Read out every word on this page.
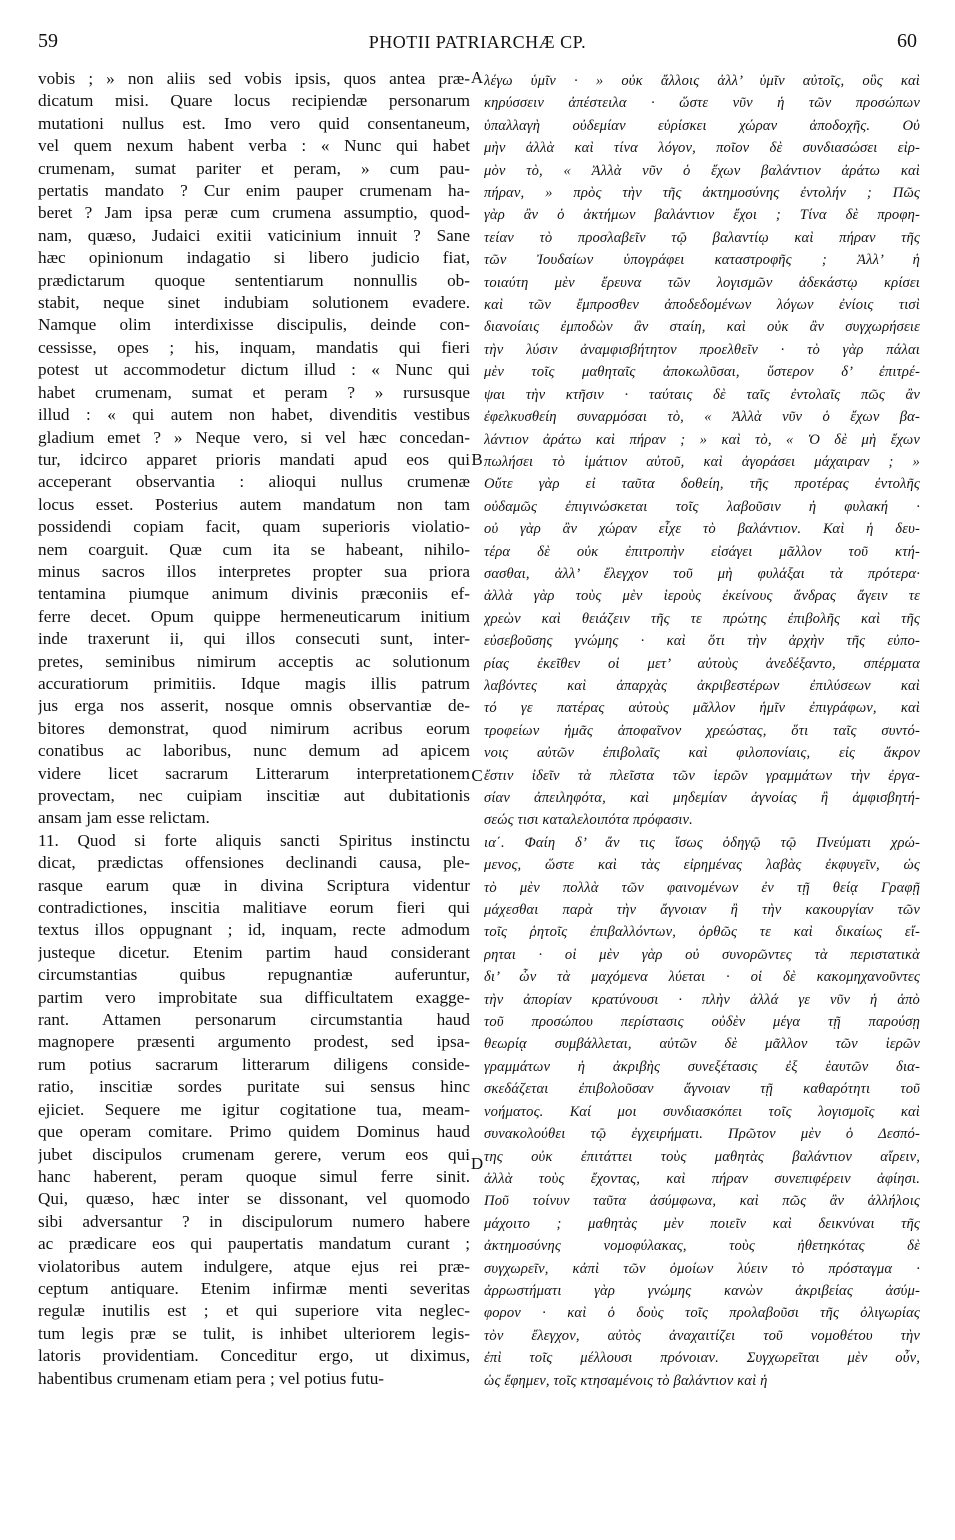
59	PHOTII PATRIARCHÆ CP.	60
vobis ; » non aliis sed vobis ipsis, quos antea præ-
dicatum misi. Quare locus recipiendæ personarum
mutationi nullus est. Imo vero quid consentaneum,
vel quem nexum habent verba : « Nunc qui habet
crumenam, sumat pariter et peram, » cum pau-
pertatis mandato ? Cur enim pauper crumenam ha-
beret ? Jam ipsa peræ cum crumena assumptio, quod-
nam, quæso, Judaici exitii vaticinium innuit ? Sane
hæc opinionum indagatio si libero judicio fiat,
prædictarum quoque sententiarum nonnullis ob-
stabit, neque sinet indubiam solutionem evadere.
Namque olim interdixisse discipulis, deinde con-
cessisse, opes ; his, inquam, mandatis qui fieri
potest ut accommodetur dictum illud : « Nunc qui
habet crumenam, sumat et peram ? » rursusque
illud : « qui autem non habet, divenditis vestibus
gladium emet ? » Neque vero, si vel hæc concedan-
tur, idcirco apparet prioris mandati apud eos qui
acceperant observantia : alioqui nullus crumenæ
locus esset. Posterius autem mandatum non tam
possidendi copiam facit, quam superioris violatio-
nem coarguit. Quæ cum ita se habeant, nihilo-
minus sacros illos interpretes propter sua priora
tentamina piumque animum divinis præconiis ef-
ferre decet. Opum quippe hermeneuticarum initium
inde traxerunt ii, qui illos consecuti sunt, inter-
pretes, seminibus nimirum acceptis ac solutionum
accuratiorum primitiis. Idque magis illis patrum
jus erga nos asserit, nosque omnis observantiæ de-
bitores demonstrat, quod nimirum acribus eorum
conatibus ac laboribus, nunc demum ad apicem
videre licet sacrarum Litterarum interpretationem
provectam, nec cuipiam inscitiæ aut dubitationis
ansam jam esse relictam.
11. Quod si forte aliquis sancti Spiritus instinctu
dicat, prædictas offensiones declinandi causa, ple-
rasque earum quæ in divina Scriptura videntur
contradictiones, inscitia malitiave eorum fieri qui
textus illos oppugnant ; id, inquam, recte admodum
justeque dicetur. Etenim partim haud considerant
circumstantias quibus repugnantiæ auferuntur,
partim vero improbitate sua difficultatem exagge-
rant. Attamen personarum circumstantia haud
magnopere præsenti argumento prodest, sed ipsa-
rum potius sacrarum litterarum diligens conside-
ratio, inscitiæ sordes puritate sui sensus hinc
ejiciet. Sequere me igitur cogitatione tua, meam-
que operam comitare. Primo quidem Dominus haud
jubet discipulos crumenam gerere, verum eos qui
hanc haberent, peram quoque simul ferre sinit.
Qui, quæso, hæc inter se dissonant, vel quomodo
sibi adversantur ? in discipulorum numero habere
ac prædicare eos qui paupertatis mandatum curant ;
violatoribus autem indulgere, atque ejus rei præ-
ceptum antiquare. Etenim infirmæ menti severitas
regulæ inutilis est ; et qui superiore vita neglec-
tum legis præ se tulit, is inhibet ulteriorem legis-
latoris providentiam. Conceditur ergo, ut diximus,
habentibus crumenam etiam pera ; vel potius futu-
λέγω ὑμῖν · » οὐκ ἄλλοις ἀλλ’ ὑμῖν αὐτοῖς, οὓς καὶ
κηρύσσειν ἀπέστειλα · ὥστε νῦν ἡ τῶν προσώπων
ὑπαλλαγὴ οὐδεμίαν εὑρίσκει χώραν ἀποδοχῆς. Οὐ
μὴν ἀλλὰ καὶ τίνα λόγον, ποῖον δὲ συνδιασώσει εἱρ-
μὸν τὸ, « Ἀλλὰ νῦν ὁ ἔχων βαλάντιον ἀράτω καὶ
πήραν, » πρὸς τὴν τῆς ἀκτημοσύνης ἐντολήν ; Πῶς
γὰρ ἂν ὁ ἀκτήμων βαλάντιον ἔχοι ; Τίνα δὲ προφη-
τείαν τὸ προσλαβεῖν τῷ βαλαντίῳ καὶ πήραν τῆς
τῶν Ἰουδαίων ὑπογράφει καταστροφῆς ; Ἀλλ’ ἡ
τοιαύτη μὲν ἔρευνα τῶν λογισμῶν ἀδεκάστῳ κρίσει
καὶ τῶν ἔμπροσθεν ἀποδεδομένων λόγων ἐνίοις τισὶ
διανοίαις ἐμποδὼν ἂν σταίη, καὶ οὐκ ἂν συγχωρήσειε
τὴν λύσιν ἀναμφισβήτητον προελθεῖν · τὸ γὰρ πάλαι
μὲν τοῖς μαθηταῖς ἀποκωλῦσαι, ὕστερον δ’ ἐπιτρέ-
ψαι τὴν κτῆσιν · ταύταις δὲ ταῖς ἐντολαῖς πῶς ἂν
ἐφελκυσθείη συναρμόσαι τὸ, « Ἀλλὰ νῦν ὁ ἔχων βα-
λάντιον ἀράτω καὶ πήραν ; » καὶ τὸ, « Ὁ δὲ μὴ ἔχων
πωλήσει τὸ ἱμάτιον αὐτοῦ, καὶ ἀγοράσει μάχαιραν ; »
Οὔτε γὰρ εἰ ταῦτα δοθείη, τῆς προτέρας ἐντολῆς
οὐδαμῶς ἐπιγινώσκεται τοῖς λαβοῦσιν ἡ φυλακή ·
οὐ γὰρ ἂν χώραν εἶχε τὸ βαλάντιον. Καὶ ἡ δευ-
τέρα δὲ οὐκ ἐπιτροπὴν εἰσάγει μᾶλλον τοῦ κτή-
σασθαι, ἀλλ’ ἔλεγχον τοῦ μὴ φυλάξαι τὰ πρότερα·
ἀλλὰ γὰρ τοὺς μὲν ἱεροὺς ἐκείνους ἄνδρας ἄγειν τε
χρεὼν καὶ θειάζειν τῆς τε πρώτης ἐπιβολῆς καὶ τῆς
εὐσεβοῦσης γνώμης · καὶ ὅτι τὴν ἀρχὴν τῆς εὐπο-
ρίας ἐκεῖθεν οἱ μετ’ αὐτοὺς ἀνεδέξαντο, σπέρματα
λαβόντες καὶ ἀπαρχὰς ἀκριβεστέρων ἐπιλύσεων καὶ
τό γε πατέρας αὐτοὺς μᾶλλον ἡμῖν ἐπιγράφων, καὶ
τροφείων ἡμᾶς ἀποφαῖνον χρεώστας, ὅτι ταῖς συντό-
νοις αὐτῶν ἐπιβολαῖς καὶ φιλοπονίαις, εἰς ἄκρον
ἔστιν ἰδεῖν τὰ πλεῖστα τῶν ἱερῶν γραμμάτων τὴν ἐργα-
σίαν ἀπειληφότα, καὶ μηδεμίαν ἀγνοίας ἢ ἀμφισβητή-
σεώς τισι καταλελοιπότα πρόφασιν.
ια΄. Φαίη δ’ ἄν τις ἴσως ὁδηγῷ τῷ Πνεύματι χρώ-
μενος, ὥστε καὶ τὰς εἰρημένας λαβὰς ἐκφυγεῖν, ὡς
τὸ μὲν πολλὰ τῶν φαινομένων ἐν τῇ θείᾳ Γραφῇ
μάχεσθαι παρὰ τὴν ἄγνοιαν ἢ τὴν κακουργίαν τῶν
τοῖς ῥητοῖς ἐπιβαλλόντων, ὀρθῶς τε καὶ δικαίως εἴ-
ρηται · οἱ μὲν γὰρ οὐ συνορῶντες τὰ περιστατικὰ
δι’ ὧν τὰ μαχόμενα λύεται · οἱ δὲ κακομηχανοῦντες
τὴν ἀπορίαν κρατύνουσι · πλὴν ἀλλά γε νῦν ἡ ἀπὸ
τοῦ προσώπου περίστασις οὐδὲν μέγα τῇ παρούσῃ
θεωρίᾳ συμβάλλεται, αὐτῶν δὲ μᾶλλον τῶν ἱερῶν
γραμμάτων ἡ ἀκριβὴς συνεξέτασις ἐξ ἑαυτῶν δια-
σκεδάζεται ἐπιβολοῦσαν ἄγνοιαν τῇ καθαρότητι τοῦ
νοήματος. Καί μοι συνδιασκόπει τοῖς λογισμοῖς καὶ
συνακολούθει τῷ ἐγχειρήματι. Πρῶτον μὲν ὁ Δεσπό-
της οὐκ ἐπιτάττει τοὺς μαθητὰς βαλάντιον αἴρειν,
ἀλλὰ τοὺς ἔχοντας, καὶ πήραν συνεπιφέρειν ἀφίησι.
Ποῦ τοίνυν ταῦτα ἀσύμφωνα, καὶ πῶς ἂν ἀλλήλοις
μάχοιτο ; μαθητὰς μὲν ποιεῖν καὶ δεικνύναι τῆς
ἀκτημοσύνης νομοφύλακας, τοὺς ἠθετηκότας δὲ
συγχωρεῖν, κἀπὶ τῶν ὁμοίων λύειν τὸ πρόσταγμα ·
ἀρρωστήματι γὰρ γνώμης κανὼν ἀκριβείας ἀσύμ-
φορον · καὶ ὁ δοὺς τοῖς προλαβοῦσι τῆς ὀλιγωρίας
τὸν ἔλεγχον, αὐτὸς ἀναχαιτίζει τοῦ νομοθέτου τὴν
ἐπὶ τοῖς μέλλουσι πρόνοιαν. Συγχωρεῖται μὲν οὖν,
ὡς ἔφημεν, τοῖς κτησαμένοις τὸ βαλάντιον καὶ ἡ
A
B
C
D
